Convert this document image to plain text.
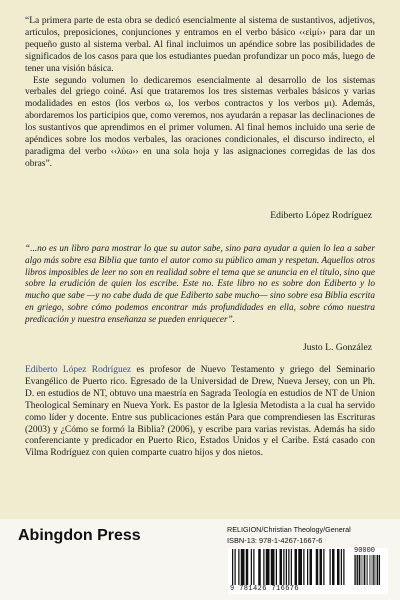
“La primera parte de esta obra se dedicó esencialmente al sistema de sustantivos, adjetivos, artículos, preposiciones, conjunciones y entramos en el verbo básico ‹‹εἰμί›› para dar un pequeño gusto al sistema verbal. Al final incluimos un apéndice sobre las posibilidades de significados de los casos para que los estudiantes puedan profundizar un poco más, luego de tener una visión básica.

Este segundo volumen lo dedicaremos esencialmente al desarrollo de los sistemas verbales del griego coiné. Así que trataremos los tres sistemas verbales básicos y varias modalidades en estos (los verbos ω, los verbos contractos y los verbos μι). Además, abordaremos los participios que, como veremos, nos ayudarán a repasar las declinaciones de los sustantivos que aprendimos en el primer volumen. Al final hemos incluido una serie de apéndices sobre los modos verbales, las oraciones condicionales, el discurso indirecto, el paradigma del verbo ‹‹λύω›› en una sola hoja y las asignaciones corregidas de las dos obras”.

Ediberto López Rodríguez

“...no es un libro para mostrar lo que su autor sabe, sino para ayudar a quien lo lea a saber algo más sobre esa Biblia que tanto el autor como su público aman y respetan. Aquellos otros libros imposibles de leer no son en realidad sobre el tema que se anuncia en el título, sino que sobre la erudición de quien los escribe. Este no. Este libro no es sobre don Ediberto y lo mucho que sabe —y no cabe duda de que Ediberto sabe mucho— sino sobre esa Biblia escrita en griego, sobre cómo podemos encontrar más profundidades en ella, sobre cómo nuestra predicación y nuestra enseñanza se pueden enriquecer”.

Justo L. González

Ediberto López Rodríguez es profesor de Nuevo Testamento y griego del Seminario Evangélico de Puerto rico. Egresado de la Universidad de Drew, Nueva Jersey, con un Ph. D. en estudios de NT, obtuvo una maestría en Sagrada Teología en estudios de NT de Union Theological Seminary en Nueva York. Es pastor de la Iglesia Metodista a la cual ha servido como líder y docente. Entre sus publicaciones están Para que comprendiesen las Escrituras (2003) y ¿Cómo se formó la Biblia? (2006), y escribe para varias revistas. Además ha sido conferenciante y predicador en Puerto Rico, Estados Unidos y el Caribe. Está casado con Vilma Rodríguez con quien comparte cuatro hijos y dos nietos.

Abingdon Press	RELIGION/Christian Theology/General
ISBN-13: 978-1-4267-1667-6
9 781426 716676
90000
